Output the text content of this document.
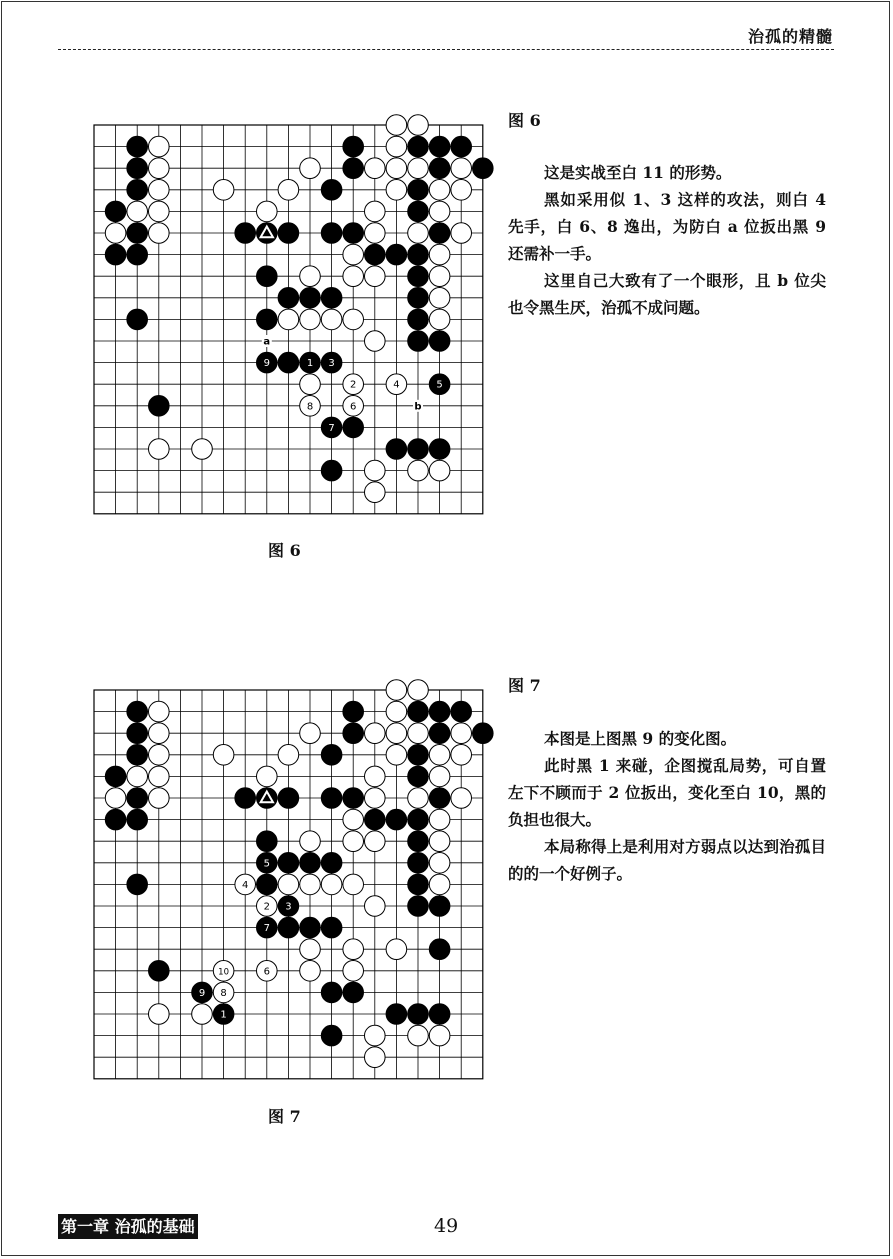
治孤的精髓
a
b
9	1 3
2	4	5
8	6
7
图 6
图 6

这是实战至白 11 的形势。

黑如采用似 1、3 这样的攻法，则白 4 先手，白 6、8 逸出，为防白 a 位扳出黑 9 还需补一手。

这里自己大致有了一个眼形，且 b 位尖也令黑生厌，治孤不成问题。

5
4
2 3
7
10	6
9 8
1
图 7
图 7

本图是上图黑 9 的变化图。

此时黑 1 来碰，企图搅乱局势，可自置左下不顾而于 2 位扳出，变化至白 10，黑的负担也很大。

本局称得上是利用对方弱点以达到治孤目的的一个好例子。

第一章 治孤的基础	49
